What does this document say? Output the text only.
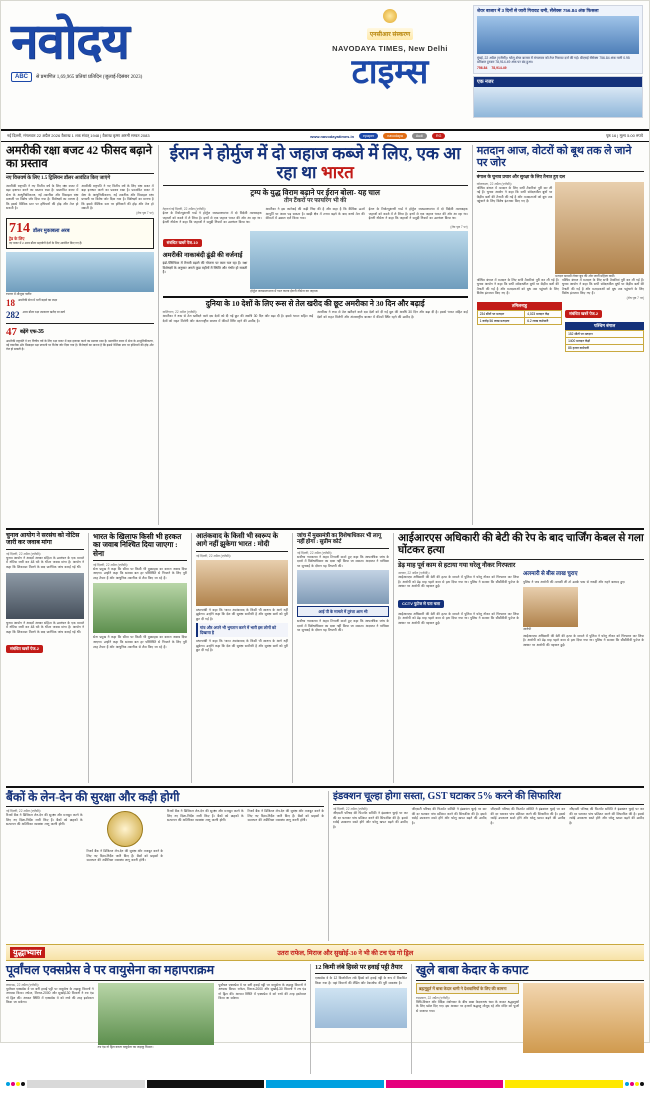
नवोदय
ABC	से प्रमाणित 1,69,965 प्रतियां प्रतिदिन (जुलाई-दिसंबर 2023)
एनसीआर संस्करण
NAVODAYA TIMES, New Delhi
टाइम्स
शेयर बाजार में 3 दिनों से जारी गिरावट थमी, सेंसेक्स 756.84 अंक फिसला
मुंबई, 22 अप्रैल (एजेंसी)। घरेलू शेयर बाजार में मंगलवार को तेज गिरावट दर्ज की गई। बीएसई सेंसेक्स 756.84 अंक यानी 0.95 प्रतिशत टूटकर 78,914.49 अंक पर बंद हुआ।
756.84 78,914.49
एक नजर
नई दिल्ली, मंगलवार 22 अप्रैल 2026 वैशाख 1 शक संवत् 1948 | वैशाख कृष्ण अष्टमी सम्वत 2083	www.navodayatimes.in	epaper	navodaya	Audi	RG	पृष्ठ 16 | मूल्य 5.00 रुपये
अमरीकी रक्षा बजट 42 फीसद बढ़ाने का प्रस्ताव
नए वित्तवर्ष के लिए 1.5 ट्रिलियन डॉलर आवंटित किए जाएंगे
अमरीकी राष्ट्रपति ने नए वित्तीय वर्ष के लिए रक्षा बजट में बड़ा इजाफा करने का प्रस्ताव रखा है। प्रस्तावित बजट में सेना के आधुनिकीकरण, नई तकनीक और मिसाइल रक्षा प्रणाली पर विशेष जोर दिया गया है। विशेषज्ञों का मानना है कि इससे वैश्विक स्तर पर हथियारों की होड़ और तेज हो सकती है।
अमरीकी राष्ट्रपति ने नए वित्तीय वर्ष के लिए रक्षा बजट में बड़ा इजाफा करने का प्रस्ताव रखा है। प्रस्तावित बजट में सेना के आधुनिकीकरण, नई तकनीक और मिसाइल रक्षा प्रणाली पर विशेष जोर दिया गया है। विशेषज्ञों का मानना है कि इससे वैश्विक स्तर पर हथियारों की होड़ और तेज हो सकती है।
(शेष पृष्ठ 7 पर)
714 डॉलर मुकाबला अरब
ट्रेड के लिए
नए बजट में 2 अरब डॉलर सहयोगी देशों के लिए आवंटित किए गए हैं।
रफ्तार में मौजूदा फ्लीट
18 अमरीकी सेना में भर्ती बढ़ाने का लक्ष्य
282 अरब डॉलर रक्षा उपकरण खरीद पर खर्च
47 बढ़ेंगे एफ-35
अमरीकी राष्ट्रपति ने नए वित्तीय वर्ष के लिए रक्षा बजट में बड़ा इजाफा करने का प्रस्ताव रखा है। प्रस्तावित बजट में सेना के आधुनिकीकरण, नई तकनीक और मिसाइल रक्षा प्रणाली पर विशेष जोर दिया गया है। विशेषज्ञों का मानना है कि इससे वैश्विक स्तर पर हथियारों की होड़ और तेज हो सकती है।
ईरान ने होर्मुज में दो जहाज कब्जे में लिए, एक आ रहा था भारत
ट्रम्प के युद्ध विराम बढ़ाने पर ईरान बोला- यह चाल
तीन टैंकरों पर फायरिंग भी की
तेहरान/नई दिल्ली, 22 अप्रैल (एजेंसी)।
ईरान के रिवोल्यूशनरी गार्ड ने होर्मुज जलडमरूमध्य में दो विदेशी मालवाहक जहाजों को कब्जे में ले लिया है। इनमें से एक जहाज भारत की ओर आ रहा था। ईरानी नौसेना ने कहा कि जहाजों ने समुद्री नियमों का उल्लंघन किया था।
अमरीका ने इस कार्रवाई की कड़ी निंदा की है और कहा है कि वैश्विक ऊर्जा आपूर्ति पर असर पड़ सकता है। खाड़ी क्षेत्र में तनाव बढ़ने के बाद कच्चे तेल की कीमतों में उछाल दर्ज किया गया।
ईरान के रिवोल्यूशनरी गार्ड ने होर्मुज जलडमरूमध्य में दो विदेशी मालवाहक जहाजों को कब्जे में ले लिया है। इनमें से एक जहाज भारत की ओर आ रहा था। ईरानी नौसेना ने कहा कि जहाजों ने समुद्री नियमों का उल्लंघन किया था।
(शेष पृष्ठ 7 पर)
संबंधित खबरें पेज-10
अमरीकी नाकाबंदी ढूंढी की वर्जनाई
इंडो-पैसिफिक में तैनाती बढ़ाने की योजना पर काम चल रहा है। रक्षा विशेषज्ञों के अनुसार अगले कुछ महीनों में स्थिति और गंभीर हो सकती है।
होर्मुज जलडमरूमध्य में गश्त करता ईरानी नौसेना का जहाज।
दुनिया के 10 देशों के लिए रूस से तेल खरीद की छूट अमरीका ने 30 दिन और बढ़ाई
वाशिंगटन, 22 अप्रैल (एजेंसी)।
अमरीका ने रूस से तेल खरीदने वाले दस देशों को दी गई छूट की अवधि 30 दिन और बढ़ा दी है। इससे भारत सहित कई देशों को राहत मिलेगी और अंतरराष्ट्रीय बाजार में कीमतें स्थिर रहने की उम्मीद है।
अमरीका ने रूस से तेल खरीदने वाले दस देशों को दी गई छूट की अवधि 30 दिन और बढ़ा दी है। इससे भारत सहित कई देशों को राहत मिलेगी और अंतरराष्ट्रीय बाजार में कीमतें स्थिर रहने की उम्मीद है।
मतदान आज, वोटरों को बूथ तक ले जाने पर जोर
बंगाल के चुनाव प्रचार और सुरक्षा के लिए तैनात हुए दल
कोलकाता, 22 अप्रैल (एजेंसी)।
पश्चिम बंगाल में मतदान के लिए सभी तैयारियां पूरी कर ली गई हैं। चुनाव आयोग ने कहा कि सभी संवेदनशील बूथों पर केंद्रीय बलों की तैनाती की गई है और मतदाताओं को बूथ तक पहुंचाने के लिए विशेष इंतजाम किए गए हैं।
मतदान सामग्री लेकर बूथ की ओर जातीं महिला कर्मी।
पश्चिम बंगाल में मतदान के लिए सभी तैयारियां पूरी कर ली गई हैं। चुनाव आयोग ने कहा कि सभी संवेदनशील बूथों पर केंद्रीय बलों की तैनाती की गई है और मतदाताओं को बूथ तक पहुंचाने के लिए विशेष इंतजाम किए गए हैं।
पश्चिम बंगाल में मतदान के लिए सभी तैयारियां पूरी कर ली गई हैं। चुनाव आयोग ने कहा कि सभी संवेदनशील बूथों पर केंद्रीय बलों की तैनाती की गई है और मतदाताओं को बूथ तक पहुंचाने के लिए विशेष इंतजाम किए गए हैं।
(शेष पृष्ठ 7 पर)
तमिलनाडु
234 सीटों पर मतदान	4,023 मतदान केंद्र
1 करोड़ 56 लाख मतदाता	6.2 लाख कर्मचारी
संबंधित खबरें पेज-2
पश्चिम बंगाल
152 सीटों पर मतदान
1400 मतदान केंद्रों
85 हजार कर्मचारी
चुनाव आयोग ने सरसंघ को नोटिस जारी कर जवाब मांगा
नई दिल्ली, 22 अप्रैल (एजेंसी)।
चुनाव आयोग ने आदर्श आचार संहिता के उल्लंघन के एक मामले में नोटिस जारी कर 48 घंटे के भीतर जवाब मांगा है। आयोग ने कहा कि शिकायत मिलने के बाद प्रारंभिक जांच कराई गई थी।
चुनाव आयोग ने आदर्श आचार संहिता के उल्लंघन के एक मामले में नोटिस जारी कर 48 घंटे के भीतर जवाब मांगा है। आयोग ने कहा कि शिकायत मिलने के बाद प्रारंभिक जांच कराई गई थी।
संबंधित खबरें पेज-2
भारत के खिलाफ किसी भी हरकत का जवाब निश्चित दिया जाएगा : सेना
नई दिल्ली, 22 अप्रैल (एजेंसी)।
सेना प्रमुख ने कहा कि सीमा पर किसी भी दुस्साहस का करारा जवाब दिया जाएगा। उन्होंने कहा कि सशस्त्र बल हर परिस्थिति से निपटने के लिए पूरी तरह तैयार हैं और आधुनिक तकनीक से लैस किए जा रहे हैं।
सेना प्रमुख ने कहा कि सीमा पर किसी भी दुस्साहस का करारा जवाब दिया जाएगा। उन्होंने कहा कि सशस्त्र बल हर परिस्थिति से निपटने के लिए पूरी तरह तैयार हैं और आधुनिक तकनीक से लैस किए जा रहे हैं।
आतंकवाद के किसी भी स्वरूप के आगे नहीं झुकेगा भारत : मोदी
नई दिल्ली, 22 अप्रैल (एजेंसी)।
प्रधानमंत्री ने कहा कि भारत आतंकवाद के किसी भी स्वरूप के आगे नहीं झुकेगा। उन्होंने कहा कि देश की सुरक्षा सर्वोपरि है और सुरक्षा बलों को पूरी छूट दी गई है।
गांव और अपने भी भुगतान करने में भारी इस लोगों को दिखाया है
प्रधानमंत्री ने कहा कि भारत आतंकवाद के किसी भी स्वरूप के आगे नहीं झुकेगा। उन्होंने कहा कि देश की सुरक्षा सर्वोपरि है और सुरक्षा बलों को पूरी छूट दी गई है।
जांच में मुख्यमंत्री का विशेषाधिकार भी लागू नहीं होगा : सुप्रीम कोर्ट
नई दिल्ली, 22 अप्रैल (एजेंसी)।
सर्वोच्च न्यायालय ने अहम टिप्पणी करते हुए कहा कि आपराधिक जांच के दायरे में विशेषाधिकार का दावा नहीं किया जा सकता। अदालत ने याचिका पर सुनवाई के दौरान यह टिप्पणी की।
आई पी के मामले में तुरंत्ता आम भी
सर्वोच्च न्यायालय ने अहम टिप्पणी करते हुए कहा कि आपराधिक जांच के दायरे में विशेषाधिकार का दावा नहीं किया जा सकता। अदालत ने याचिका पर सुनवाई के दौरान यह टिप्पणी की।
आईआरएस अधिकारी की बेटी की रेप के बाद चार्जिंग केबल से गला घोंटकर हत्या
डेढ़ माह पूर्व काम से हटाया गया घरेलू नौकर गिरफ्तार
अलवर, 22 अप्रैल (एजेंसी)।
आईआरएस अधिकारी की बेटी की हत्या के मामले में पुलिस ने घरेलू नौकर को गिरफ्तार कर लिया है। आरोपी को डेढ़ माह पहले काम से हटा दिया गया था। पुलिस ने बताया कि सीसीटीवी फुटेज के आधार पर आरोपी की पहचान हुई।
CCTV फुटेज से पता चला
आईआरएस अधिकारी की बेटी की हत्या के मामले में पुलिस ने घरेलू नौकर को गिरफ्तार कर लिया है। आरोपी को डेढ़ माह पहले काम से हटा दिया गया था। पुलिस ने बताया कि सीसीटीवी फुटेज के आधार पर आरोपी की पहचान हुई।
अलमारी से बीस लाख चुराए
पुलिस ने जब आरोपी की तलाशी ली तो उसके पास से नकदी और गहने बरामद हुए।
आरोपी
आईआरएस अधिकारी की बेटी की हत्या के मामले में पुलिस ने घरेलू नौकर को गिरफ्तार कर लिया है। आरोपी को डेढ़ माह पहले काम से हटा दिया गया था। पुलिस ने बताया कि सीसीटीवी फुटेज के आधार पर आरोपी की पहचान हुई।
बैंकों के लेन-देन की सुरक्षा और कड़ी होगी
नई दिल्ली, 22 अप्रैल (एजेंसी)।
रिजर्व बैंक ने डिजिटल लेन-देन की सुरक्षा और मजबूत करने के लिए नए दिशा-निर्देश जारी किए हैं। बैंकों को ग्राहकों के सत्यापन की अतिरिक्त व्यवस्था लागू करनी होगी।
रिजर्व बैंक ने डिजिटल लेन-देन की सुरक्षा और मजबूत करने के लिए नए दिशा-निर्देश जारी किए हैं। बैंकों को ग्राहकों के सत्यापन की अतिरिक्त व्यवस्था लागू करनी होगी।
रिजर्व बैंक ने डिजिटल लेन-देन की सुरक्षा और मजबूत करने के लिए नए दिशा-निर्देश जारी किए हैं। बैंकों को ग्राहकों के सत्यापन की अतिरिक्त व्यवस्था लागू करनी होगी।
रिजर्व बैंक ने डिजिटल लेन-देन की सुरक्षा और मजबूत करने के लिए नए दिशा-निर्देश जारी किए हैं। बैंकों को ग्राहकों के सत्यापन की अतिरिक्त व्यवस्था लागू करनी होगी।
इंडक्शन चूल्हा होगा सस्ता, GST घटाकर 5% करने की सिफारिश
नई दिल्ली, 22 अप्रैल (एजेंसी)।
जीएसटी परिषद की फिटमेंट समिति ने इंडक्शन चूल्हे पर कर की दर घटाकर पांच प्रतिशत करने की सिफारिश की है। इससे रसोई उपकरण सस्ते होंगे और घरेलू खपत बढ़ने की उम्मीद है।
जीएसटी परिषद की फिटमेंट समिति ने इंडक्शन चूल्हे पर कर की दर घटाकर पांच प्रतिशत करने की सिफारिश की है। इससे रसोई उपकरण सस्ते होंगे और घरेलू खपत बढ़ने की उम्मीद है।
जीएसटी परिषद की फिटमेंट समिति ने इंडक्शन चूल्हे पर कर की दर घटाकर पांच प्रतिशत करने की सिफारिश की है। इससे रसोई उपकरण सस्ते होंगे और घरेलू खपत बढ़ने की उम्मीद है।
जीएसटी परिषद की फिटमेंट समिति ने इंडक्शन चूल्हे पर कर की दर घटाकर पांच प्रतिशत करने की सिफारिश की है। इससे रसोई उपकरण सस्ते होंगे और घरेलू खपत बढ़ने की उम्मीद है।
युद्धाभ्यास	उतरा राफेल, मिराज और सुखोई-30 ने भी की टच एंड गो ड्रिल
पूर्वांचल एक्सप्रेस वे पर वायुसेना का महापराक्रम
लखनऊ, 22 अप्रैल (एजेंसी)।
पूर्वांचल एक्सप्रेस वे पर बनी हवाई पट्टी पर वायुसेना के लड़ाकू विमानों ने अभ्यास किया। राफेल, मिराज-2000 और सुखोई-30 विमानों ने टच एंड गो ड्रिल की। आपात स्थिति में एक्सप्रेस वे को रनवे की तरह इस्तेमाल किया जा सकेगा।
टच एंड गो ड्रिल करता वायुसेना का लड़ाकू विमान।
पूर्वांचल एक्सप्रेस वे पर बनी हवाई पट्टी पर वायुसेना के लड़ाकू विमानों ने अभ्यास किया। राफेल, मिराज-2000 और सुखोई-30 विमानों ने टच एंड गो ड्रिल की। आपात स्थिति में एक्सप्रेस वे को रनवे की तरह इस्तेमाल किया जा सकेगा।
12 किमी लंबे हिस्से पर हवाई पट्टी तैयार
एक्सप्रेस वे के 12 किलोमीटर लंबे हिस्से को हवाई पट्टी के रूप में विकसित किया गया है। यहां विमानों की लैंडिंग और टेकऑफ की पूरी व्यवस्था है।
खुले बाबा केदार के कपाट
ब्रह्ममुहूर्त में बाबा केदार धामी ने देशवासियों के लिए की कामना
रुद्रप्रयाग, 22 अप्रैल (एजेंसी)।
विधि-विधान और वैदिक मंत्रोच्चार के बीच बाबा केदारनाथ धाम के कपाट श्रद्धालुओं के लिए खोल दिए गए। इस अवसर पर हजारों श्रद्धालु मौजूद रहे और मंदिर को फूलों से सजाया गया।
